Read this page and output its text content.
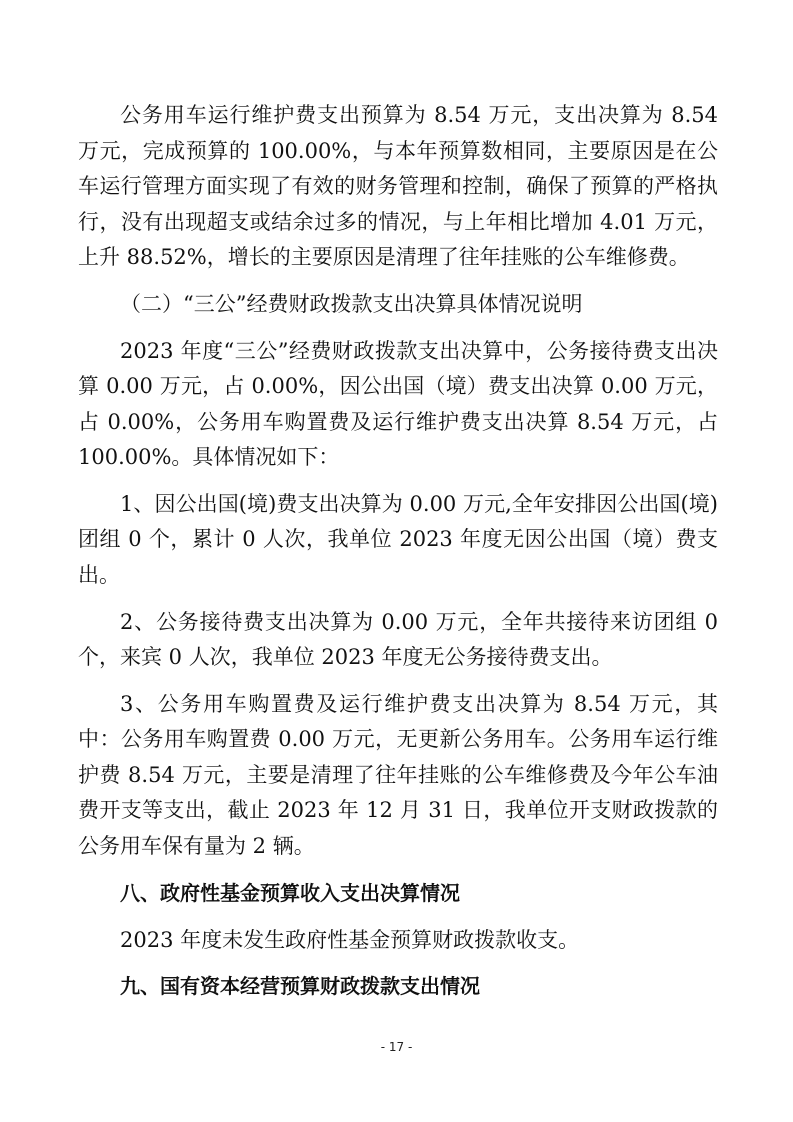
公务用车运行维护费支出预算为 8.54 万元，支出决算为 8.54 万元，完成预算的 100.00%，与本年预算数相同，主要原因是在公车运行管理方面实现了有效的财务管理和控制，确保了预算的严格执行，没有出现超支或结余过多的情况，与上年相比增加 4.01 万元，上升 88.52%，增长的主要原因是清理了往年挂账的公车维修费。

（二）“三公”经费财政拨款支出决算具体情况说明

2023 年度“三公”经费财政拨款支出决算中，公务接待费支出决算 0.00 万元，占 0.00%，因公出国（境）费支出决算 0.00 万元，占 0.00%，公务用车购置费及运行维护费支出决算 8.54 万元，占 100.00%。具体情况如下：

1、因公出国(境)费支出决算为 0.00 万元,全年安排因公出国(境)团组 0 个，累计 0 人次，我单位 2023 年度无因公出国（境）费支出。

2、公务接待费支出决算为 0.00 万元，全年共接待来访团组 0 个，来宾 0 人次，我单位 2023 年度无公务接待费支出。

3、公务用车购置费及运行维护费支出决算为 8.54 万元，其中：公务用车购置费 0.00 万元，无更新公务用车。公务用车运行维护费 8.54 万元，主要是清理了往年挂账的公车维修费及今年公车油费开支等支出，截止 2023 年 12 月 31 日，我单位开支财政拨款的公务用车保有量为 2 辆。

八、政府性基金预算收入支出决算情况

2023 年度未发生政府性基金预算财政拨款收支。

九、国有资本经营预算财政拨款支出情况

- 17 -
